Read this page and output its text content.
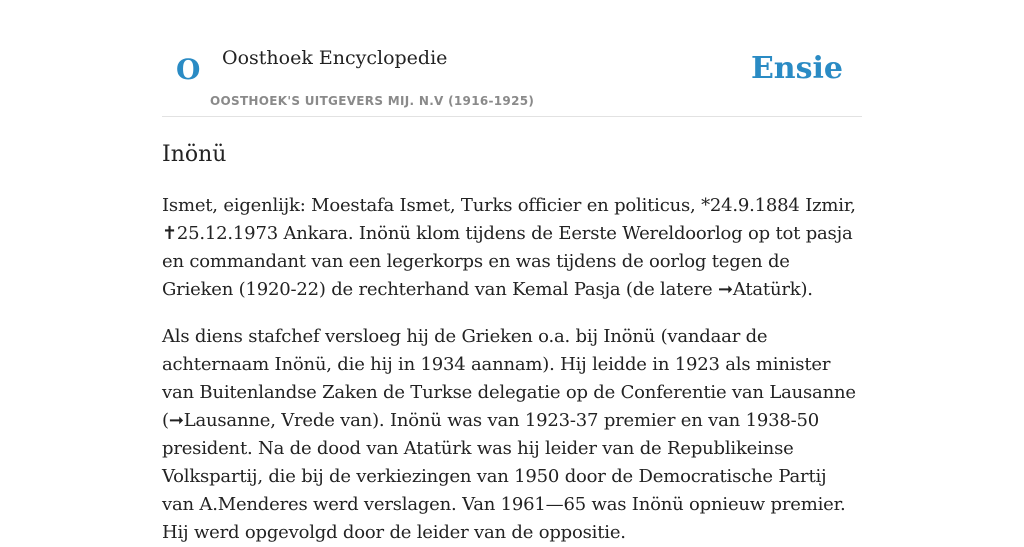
O Oosthoek Encyclopedie
OOSTHOEK'S UITGEVERS MIJ. N.V (1916-1925)
Ensie
Inönü

Ismet, eigenlijk: Moestafa Ismet, Turks officier en politicus, *24.9.1884 Izmir, ✝25.12.1973 Ankara. Inönü klom tijdens de Eerste Wereldoorlog op tot pasja en commandant van een legerkorps en was tijdens de oorlog tegen de Grieken (1920-22) de rechterhand van Kemal Pasja (de latere ➞Atatürk).

Als diens stafchef versloeg hij de Grieken o.a. bij Inönü (vandaar de achternaam Inönü, die hij in 1934 aannam). Hij leidde in 1923 als minister van Buitenlandse Zaken de Turkse delegatie op de Conferentie van Lausanne (➞Lausanne, Vrede van). Inönü was van 1923-37 premier en van 1938-50 president. Na de dood van Atatürk was hij leider van de Republikeinse Volkspartij, die bij de verkiezingen van 1950 door de Democratische Partij van A.Menderes werd verslagen. Van 1961—65 was Inönü opnieuw premier. Hij werd opgevolgd door de leider van de oppositie.
